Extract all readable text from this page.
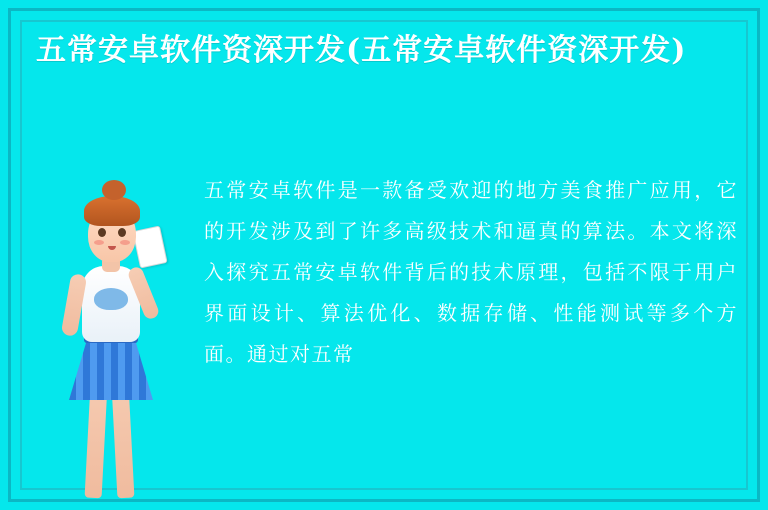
五常安卓软件资深开发(五常安卓软件资深开发)
五常安卓软件是一款备受欢迎的地方美食推广应用，它的开发涉及到了许多高级技术和逼真的算法。本文将深入探究五常安卓软件背后的技术原理，包括不限于用户界面设计、算法优化、数据存储、性能测试等多个方面。通过对五常
